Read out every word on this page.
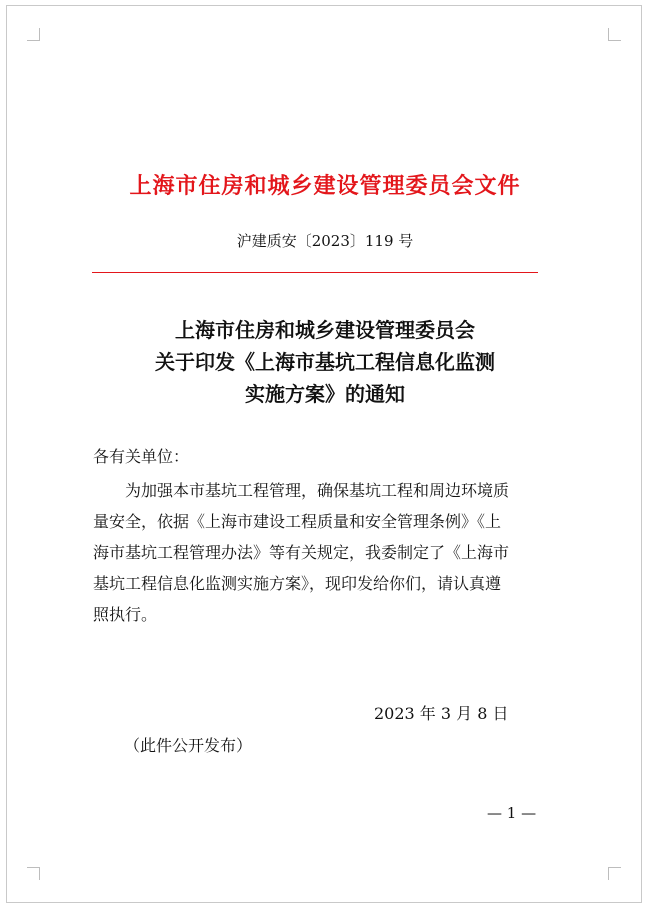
上海市住房和城乡建设管理委员会文件
沪建质安〔2023〕119 号
上海市住房和城乡建设管理委员会
关于印发《上海市基坑工程信息化监测
实施方案》的通知
各有关单位：
为加强本市基坑工程管理，确保基坑工程和周边环境质
量安全，依据《上海市建设工程质量和安全管理条例》《上
海市基坑工程管理办法》等有关规定，我委制定了《上海市
基坑工程信息化监测实施方案》，现印发给你们，请认真遵
照执行。
2023 年 3 月 8 日
（此件公开发布）
— 1 —
